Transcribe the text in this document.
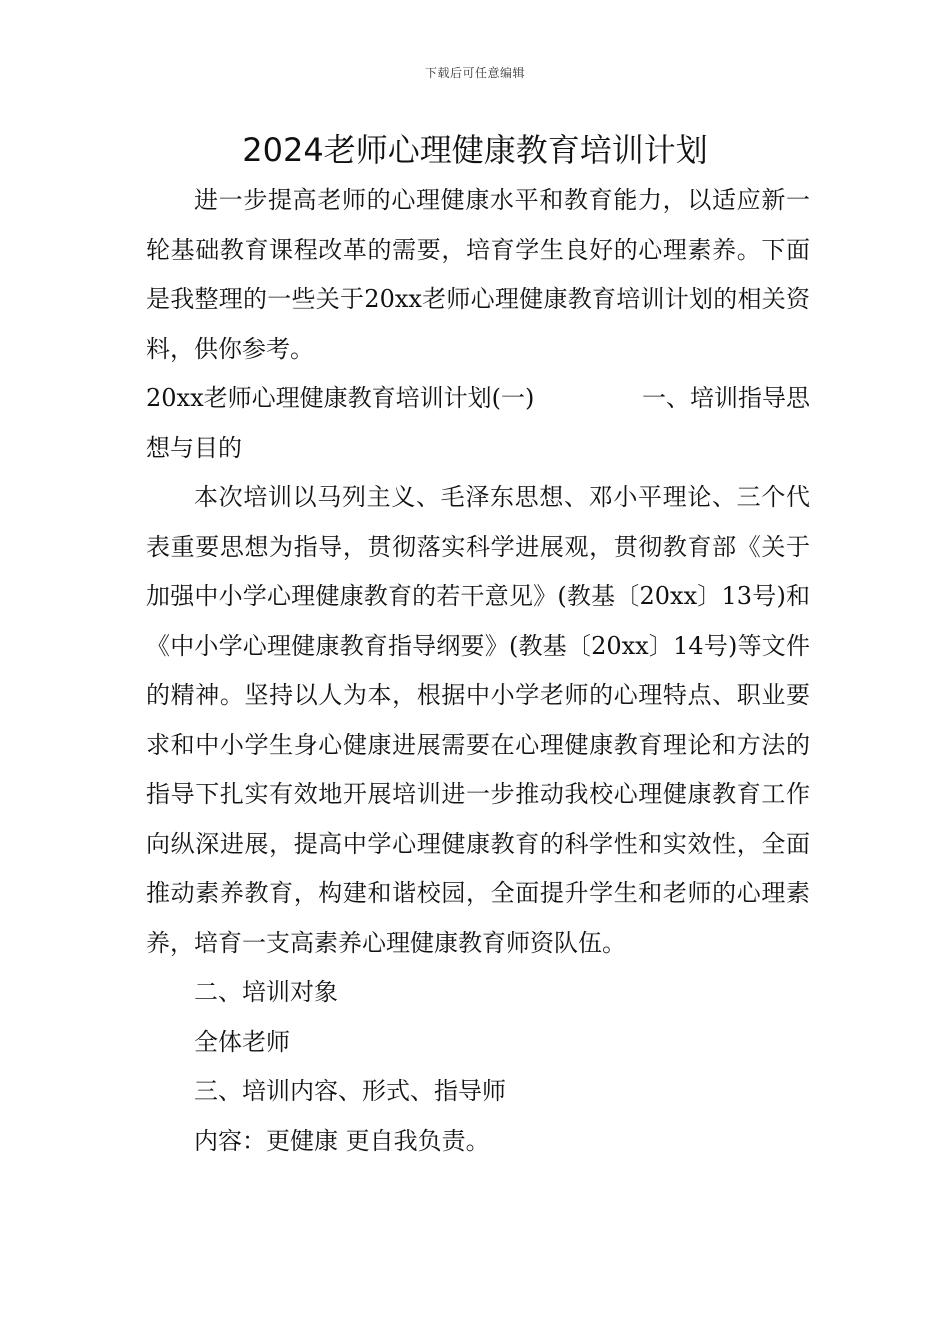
下载后可任意编辑
2024老师心理健康教育培训计划

进一步提高老师的心理健康水平和教育能力，以适应新一轮基础教育课程改革的需要，培育学生良好的心理素养。下面是我整理的一些关于20xx老师心理健康教育培训计划的相关资料，供你参考。

20xx老师心理健康教育培训计划(一)	一、培训指导思

想与目的

本次培训以马列主义、毛泽东思想、邓小平理论、三个代表重要思想为指导，贯彻落实科学进展观，贯彻教育部《关于加强中小学心理健康教育的若干意见》(教基〔20xx〕13号)和《中小学心理健康教育指导纲要》(教基〔20xx〕14号)等文件的精神。坚持以人为本，根据中小学老师的心理特点、职业要求和中小学生身心健康进展需要在心理健康教育理论和方法的指导下扎实有效地开展培训进一步推动我校心理健康教育工作向纵深进展，提高中学心理健康教育的科学性和实效性，全面推动素养教育，构建和谐校园，全面提升学生和老师的心理素养，培育一支高素养心理健康教育师资队伍。

二、培训对象

全体老师

三、培训内容、形式、指导师

内容：更健康 更自我负责。
